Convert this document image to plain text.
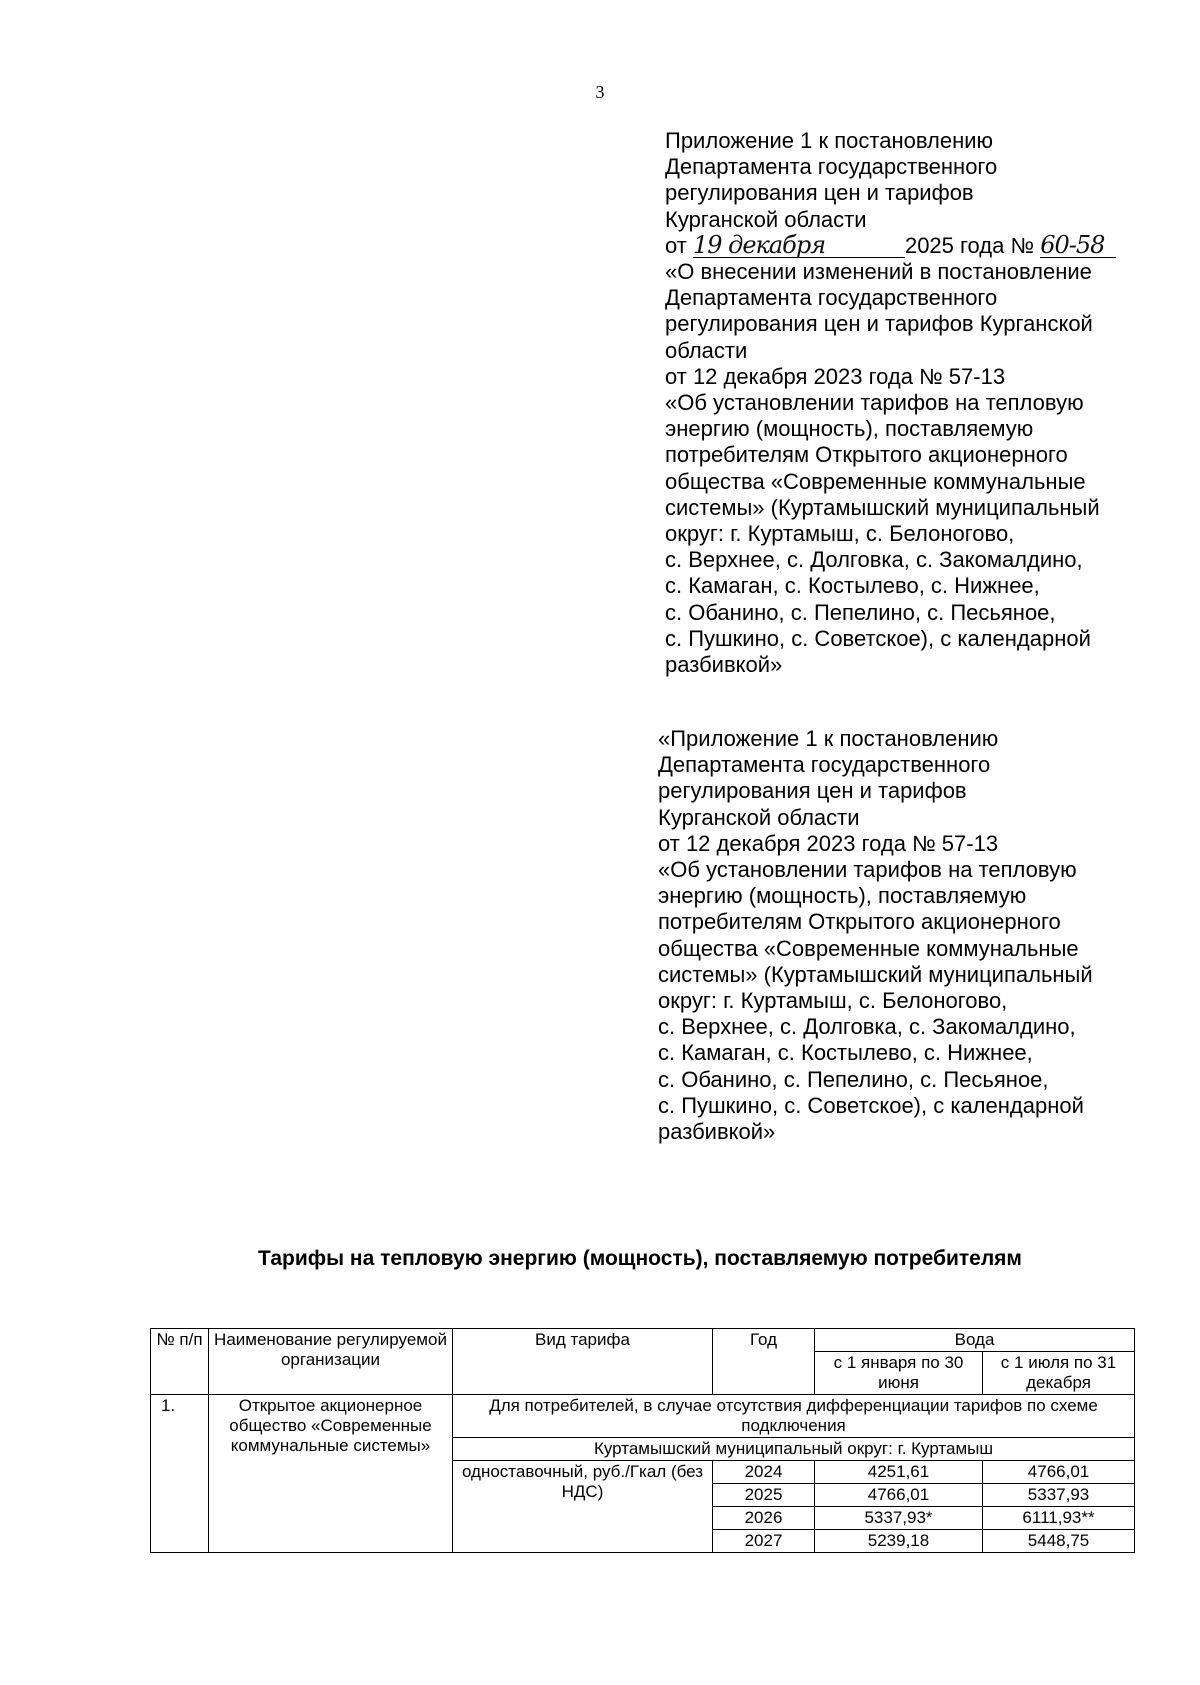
3
Приложение 1 к постановлению
Департамента государственного
регулирования цен и тарифов
Курганской области
от 19 декабря	2025 года № 60-58
«О внесении изменений в постановление
Департамента государственного
регулирования цен и тарифов Курганской
области
от 12 декабря 2023 года № 57-13
«Об установлении тарифов на тепловую
энергию (мощность), поставляемую
потребителям Открытого акционерного
общества «Современные коммунальные
системы» (Куртамышский муниципальный
округ: г. Куртамыш, с. Белоногово,
с. Верхнее, с. Долговка, с. Закомалдино,
с. Камаган, с. Костылево, с. Нижнее,
с. Обанино, с. Пепелино, с. Песьяное,
с. Пушкино, с. Советское), с календарной
разбивкой»
«Приложение 1 к постановлению
Департамента государственного
регулирования цен и тарифов
Курганской области
от 12 декабря 2023 года № 57-13
«Об установлении тарифов на тепловую
энергию (мощность), поставляемую
потребителям Открытого акционерного
общества «Современные коммунальные
системы» (Куртамышский муниципальный
округ: г. Куртамыш, с. Белоногово,
с. Верхнее, с. Долговка, с. Закомалдино,
с. Камаган, с. Костылево, с. Нижнее,
с. Обанино, с. Пепелино, с. Песьяное,
с. Пушкино, с. Советское), с календарной
разбивкой»
Тарифы на тепловую энергию (мощность), поставляемую потребителям
№ п/п	Наименование регулируемой организации	Вид тарифа	Год	Вода	
				с 1 января по 30 июня	с 1 июля по 31 декабря
1.	Открытое акционерное общество «Современные коммунальные системы»	Для потребителей, в случае отсутствия дифференциации тарифов по схеме подключения			
		Куртамышский муниципальный округ: г. Куртамыш			
		одноставочный, руб./Гкал (без НДС)	2024	4251,61	4766,01
			2025	4766,01	5337,93
			2026	5337,93*	6111,93**
			2027	5239,18	5448,75
